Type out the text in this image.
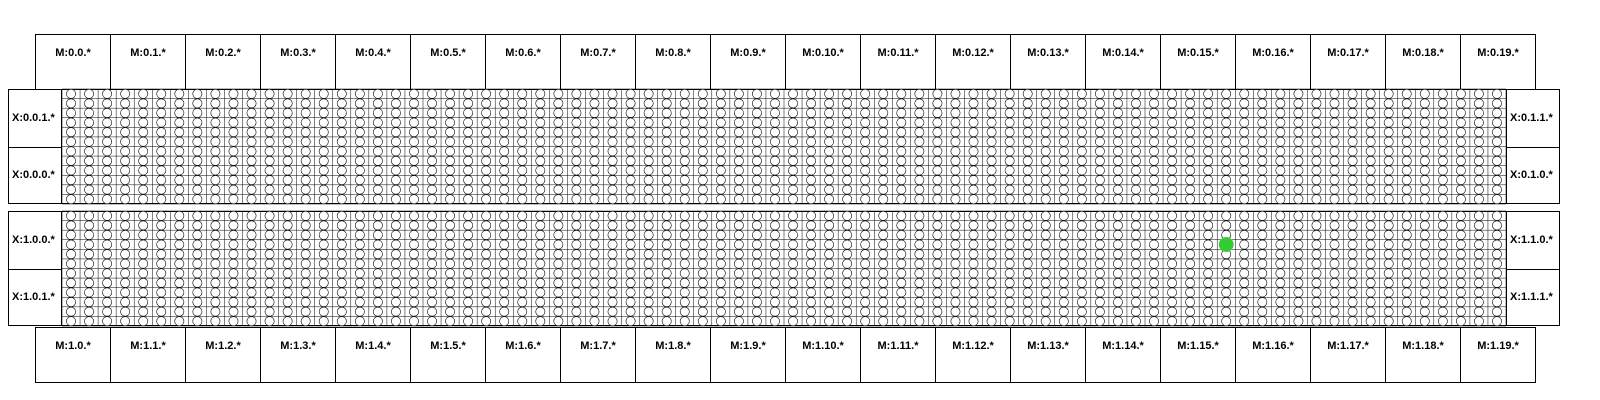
M:0.0.*	M:0.1.*	M:0.2.*	M:0.3.*	M:0.4.*	M:0.5.*	M:0.6.*	M:0.7.*	M:0.8.*	M:0.9.*	M:0.10.*	M:0.11.*	M:0.12.*	M:0.13.*	M:0.14.*	M:0.15.*	M:0.16.*	M:0.17.*	M:0.18.*	M:0.19.*
M:1.0.*	M:1.1.*	M:1.2.*	M:1.3.*	M:1.4.*	M:1.5.*	M:1.6.*	M:1.7.*	M:1.8.*	M:1.9.*	M:1.10.*	M:1.11.*	M:1.12.*	M:1.13.*	M:1.14.*	M:1.15.*	M:1.16.*	M:1.17.*	M:1.18.*	M:1.19.*
X:0.0.1.*
X:0.0.0.*
X:0.1.1.*
X:0.1.0.*
X:1.0.0.*
X:1.0.1.*
X:1.1.0.*
X:1.1.1.*
